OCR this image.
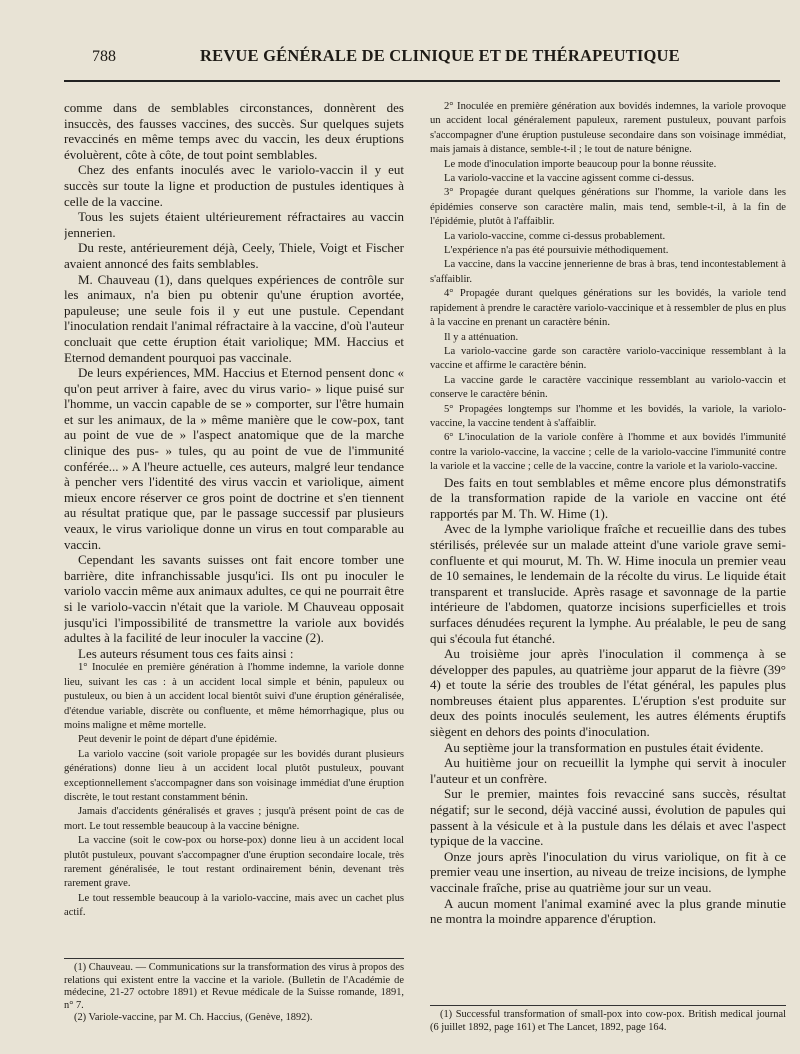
788	REVUE GÉNÉRALE DE CLINIQUE ET DE THÉRAPEUTIQUE

comme dans de semblables circonstances, donnèrent des insuccès, des fausses vaccines, des succès. Sur quelques sujets revaccinés en même temps avec du vaccin, les deux éruptions évoluèrent, côte à côte, de tout point semblables.

Chez des enfants inoculés avec le variolo-vaccin il y eut succès sur toute la ligne et production de pustules identiques à celle de la vaccine.

Tous les sujets étaient ultérieurement réfractaires au vaccin jennerien.

Du reste, antérieurement déjà, Ceely, Thiele, Voigt et Fischer avaient annoncé des faits semblables.

M. Chauveau (1), dans quelques expériences de contrôle sur les animaux, n'a bien pu obtenir qu'une éruption avortée, papuleuse; une seule fois il y eut une pustule. Cependant l'inoculation rendait l'animal réfractaire à la vaccine, d'où l'auteur concluait que cette éruption était variolique; MM. Haccius et Eternod demandent pourquoi pas vaccinale.

De leurs expériences, MM. Haccius et Eternod pensent donc « qu'on peut arriver à faire, avec du virus vario- » lique puisé sur l'homme, un vaccin capable de se » comporter, sur l'être humain et sur les animaux, de la » même manière que le cow-pox, tant au point de vue de » l'aspect anatomique que de la marche clinique des pus- » tules, qu au point de vue de l'immunité conférée... » A l'heure actuelle, ces auteurs, malgré leur tendance à pencher vers l'identité des virus vaccin et variolique, aiment mieux encore réserver ce gros point de doctrine et s'en tiennent au résultat pratique que, par le passage successif par plusieurs veaux, le virus variolique donne un virus en tout comparable au vaccin.

Cependant les savants suisses ont fait encore tomber une barrière, dite infranchissable jusqu'ici. Ils ont pu inoculer le variolo vaccin même aux animaux adultes, ce qui ne pourrait être si le variolo-vaccin n'était que la variole. M Chauveau opposait jusqu'ici l'impossibilité de transmettre la variole aux bovidés adultes à la facilité de leur inoculer la vaccine (2).

Les auteurs résument tous ces faits ainsi :

1° Inoculée en première génération à l'homme indemne, la variole donne lieu, suivant les cas : à un accident local simple et bénin, papuleux ou pustuleux, ou bien à un accident local bientôt suivi d'une éruption généralisée, d'étendue variable, discrète ou confluente, et même hémorrhagique, plus ou moins maligne et même mortelle.

Peut devenir le point de départ d'une épidémie.

La variolo vaccine (soit variole propagée sur les bovidés durant plusieurs générations) donne lieu à un accident local plutôt pustuleux, pouvant exceptionnellement s'accompagner dans son voisinage immédiat d'une éruption discrète, le tout restant constamment bénin.

Jamais d'accidents généralisés et graves ; jusqu'à présent point de cas de mort. Le tout ressemble beaucoup à la vaccine bénigne.

La vaccine (soit le cow-pox ou horse-pox) donne lieu à un accident local plutôt pustuleux, pouvant s'accompagner d'une éruption secondaire locale, très rarement généralisée, le tout restant ordinairement bénin, devenant très rarement grave.

Le tout ressemble beaucoup à la variolo-vaccine, mais avec un cachet plus actif.

(1) Chauveau. — Communications sur la transformation des virus à propos des relations qui existent entre la vaccine et la variole. (Bulletin de l'Académie de médecine, 21-27 octobre 1891) et Revue médicale de la Suisse romande, 1891, n° 7.

(2) Variole-vaccine, par M. Ch. Haccius, (Genève, 1892).

2° Inoculée en première génération aux bovidés indemnes, la variole provoque un accident local généralement papuleux, rarement pustuleux, pouvant parfois s'accompagner d'une éruption pustuleuse secondaire dans son voisinage immédiat, mais jamais à distance, semble-t-il ; le tout de nature bénigne.

Le mode d'inoculation importe beaucoup pour la bonne réussite.

La variolo-vaccine et la vaccine agissent comme ci-dessus.

3° Propagée durant quelques générations sur l'homme, la variole dans les épidémies conserve son caractère malin, mais tend, semble-t-il, à la fin de l'épidémie, plutôt à l'affaiblir.

La variolo-vaccine, comme ci-dessus probablement.

L'expérience n'a pas été poursuivie méthodiquement.

La vaccine, dans la vaccine jennerienne de bras à bras, tend incontestablement à s'affaiblir.

4° Propagée durant quelques générations sur les bovidés, la variole tend rapidement à prendre le caractère variolo-vaccinique et à ressembler de plus en plus à la vaccine en prenant un caractère bénin.

Il y a atténuation.

La variolo-vaccine garde son caractère variolo-vaccinique ressemblant à la vaccine et affirme le caractère bénin.

La vaccine garde le caractère vaccinique ressemblant au variolo-vaccin et conserve le caractère bénin.

5° Propagées longtemps sur l'homme et les bovidés, la variole, la variolo-vaccine, la vaccine tendent à s'affaiblir.

6° L'inoculation de la variole confère à l'homme et aux bovidés l'immunité contre la variolo-vaccine, la vaccine ; celle de la variolo-vaccine l'immunité contre la variole et la vaccine ; celle de la vaccine, contre la variole et la variolo-vaccine.

Des faits en tout semblables et même encore plus démonstratifs de la transformation rapide de la variole en vaccine ont été rapportés par M. Th. W. Hime (1).

Avec de la lymphe variolique fraîche et recueillie dans des tubes stérilisés, prélevée sur un malade atteint d'une variole grave semi-confluente et qui mourut, M. Th. W. Hime inocula un premier veau de 10 semaines, le lendemain de la récolte du virus. Le liquide était transparent et translucide. Après rasage et savonnage de la partie intérieure de l'abdomen, quatorze incisions superficielles et trois surfaces dénudées reçurent la lymphe. Au préalable, le peu de sang qui s'écoula fut étanché.

Au troisième jour après l'inoculation il commença à se développer des papules, au quatrième jour apparut de la fièvre (39° 4) et toute la série des troubles de l'état général, les papules plus nombreuses étaient plus apparentes. L'éruption s'est produite sur deux des points inoculés seulement, les autres éléments éruptifs siègent en dehors des points d'inoculation.

Au septième jour la transformation en pustules était évidente.

Au huitième jour on recueillit la lymphe qui servit à inoculer l'auteur et un confrère.

Sur le premier, maintes fois revacciné sans succès, résultat négatif; sur le second, déjà vacciné aussi, évolution de papules qui passent à la vésicule et à la pustule dans les délais et avec l'aspect typique de la vaccine.

Onze jours après l'inoculation du virus variolique, on fit à ce premier veau une insertion, au niveau de treize incisions, de lymphe vaccinale fraîche, prise au quatrième jour sur un veau.

A aucun moment l'animal examiné avec la plus grande minutie ne montra la moindre apparence d'éruption.

(1) Successful transformation of small-pox into cow-pox. British medical journal (6 juillet 1892, page 161) et The Lancet, 1892, page 164.
